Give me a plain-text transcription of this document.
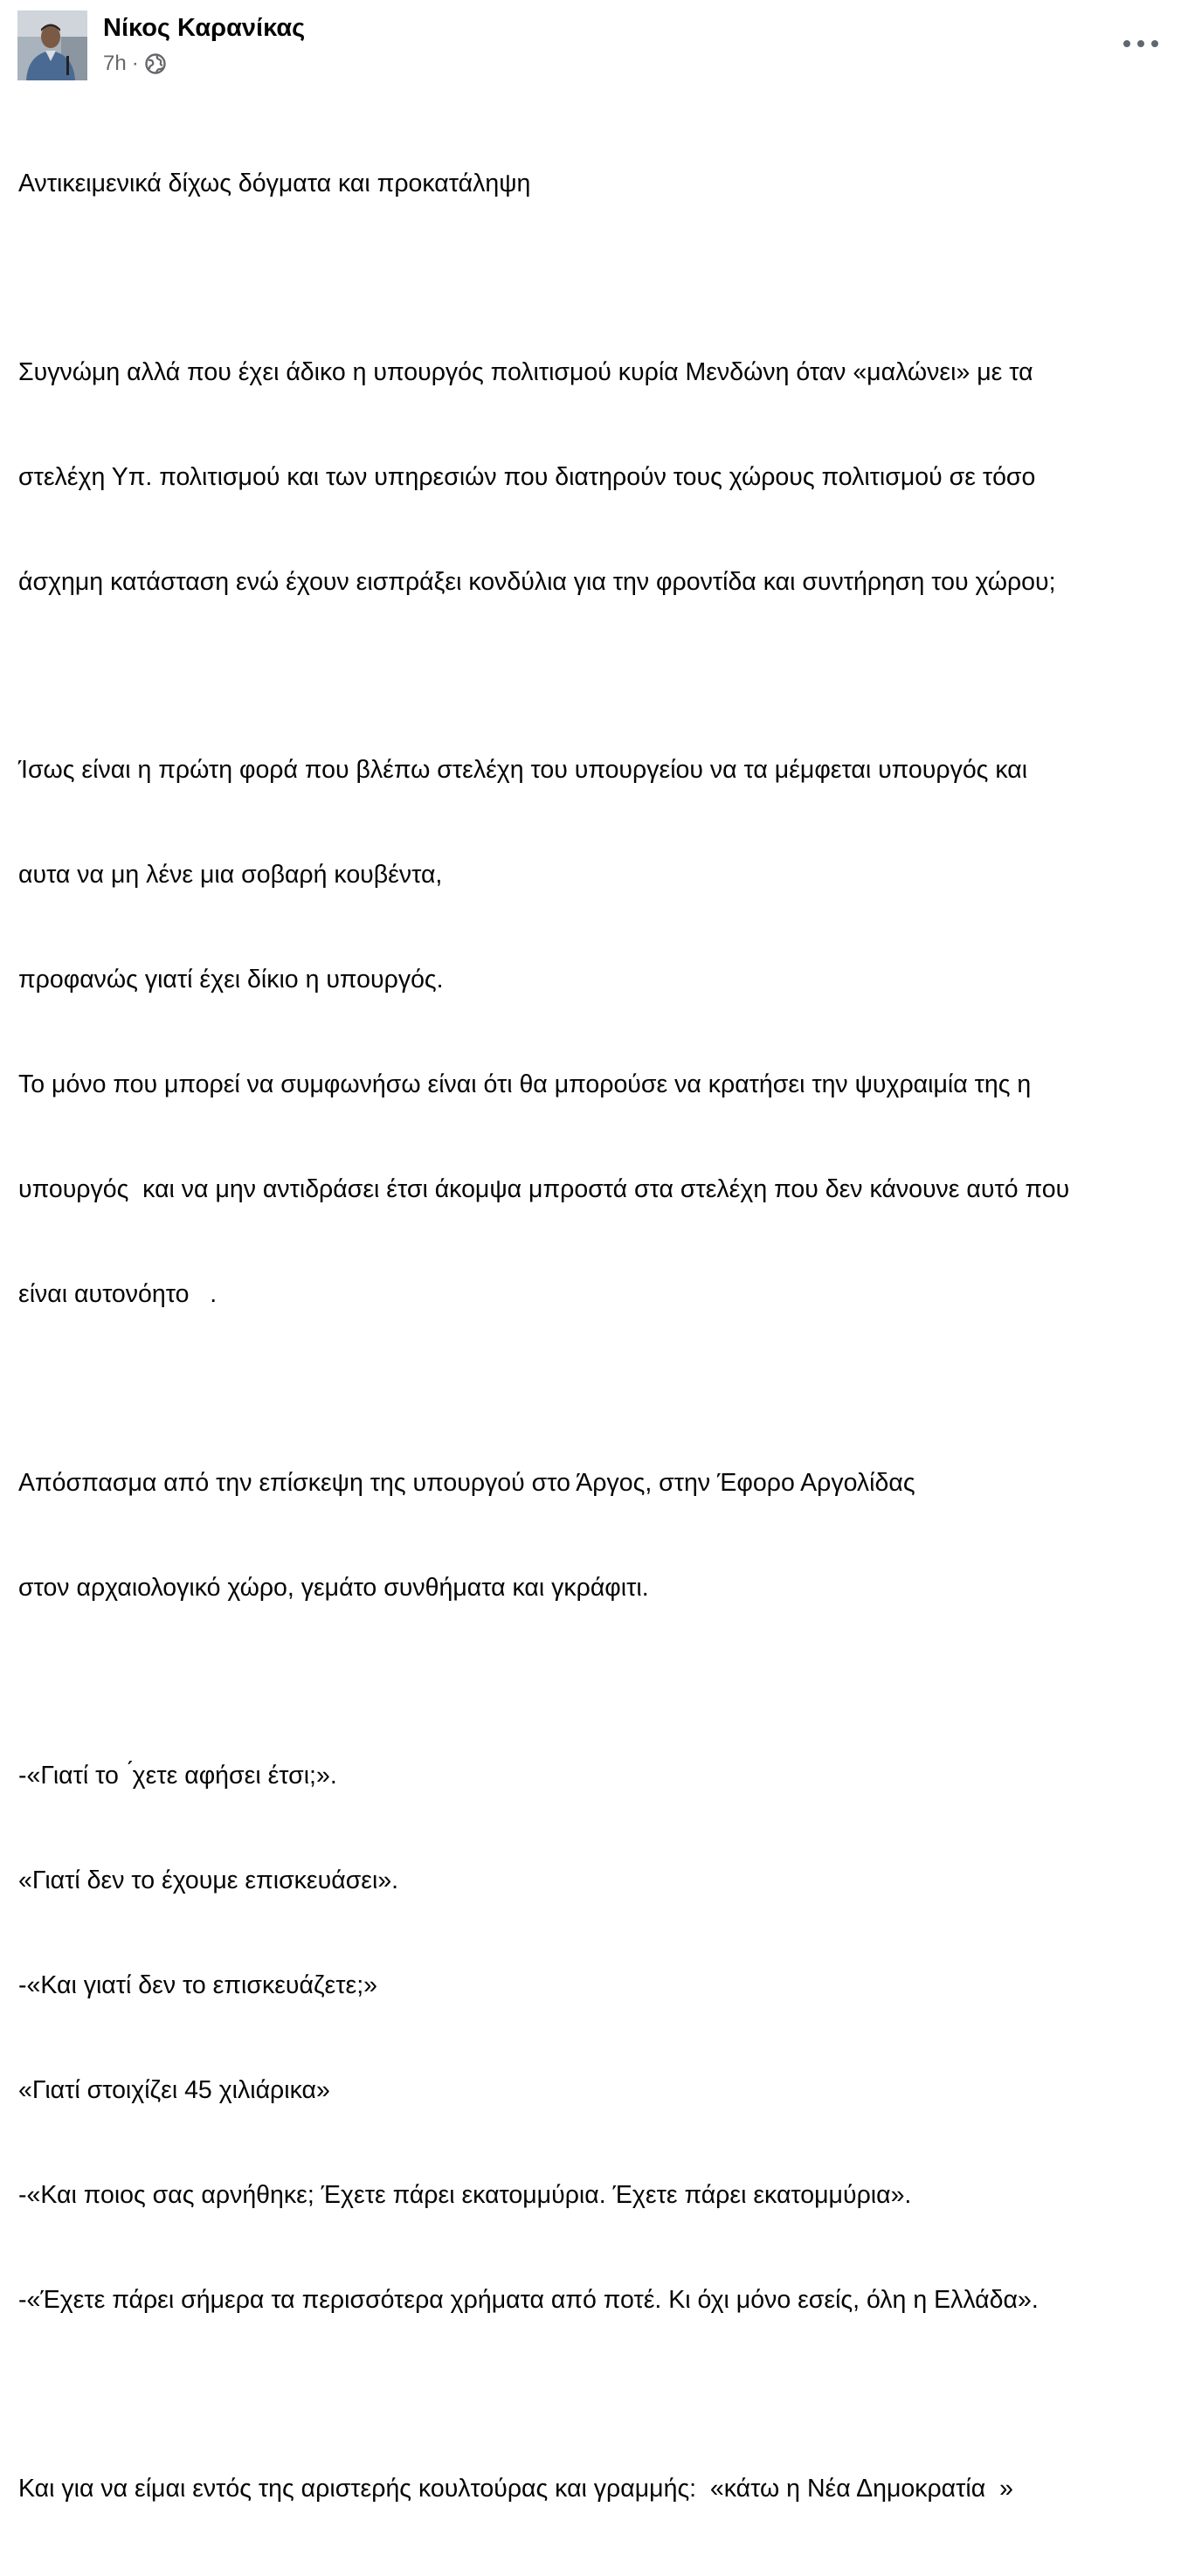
Νίκος Καρανίκας
7h ·

Αντικειμενικά δίχως δόγματα και προκατάληψη

Συγνώμη αλλά που έχει άδικο η υπουργός πολιτισμού κυρία Μενδώνη όταν «μαλώνει» με τα

στελέχη Υπ. πολιτισμού και των υπηρεσιών που διατηρούν τους χώρους πολιτισμού σε τόσο

άσχημη κατάσταση ενώ έχουν εισπράξει κονδύλια για την φροντίδα και συντήρηση του χώρου;

Ίσως είναι η πρώτη φορά που βλέπω στελέχη του υπουργείου να τα μέμφεται υπουργός και

αυτα να μη λένε μια σοβαρή κουβέντα,

προφανώς γιατί έχει δίκιο η υπουργός.

Το μόνο που μπορεί να συμφωνήσω είναι ότι θα μπορούσε να κρατήσει την ψυχραιμία της η

υπουργός  και να μην αντιδράσει έτσι άκομψα μπροστά στα στελέχη που δεν κάνουνε αυτό που

είναι αυτονόητο   .

Απόσπασμα από την επίσκεψη της υπουργού στο Άργος, στην Έφορο Αργολίδας

στον αρχαιολογικό χώρο, γεμάτο συνθήματα και γκράφιτι.

-«Γιατί το  ́χετε αφήσει έτσι;».

«Γιατί δεν το έχουμε επισκευάσει».

-«Και γιατί δεν το επισκευάζετε;»

«Γιατί στοιχίζει 45 χιλιάρικα»

-«Και ποιος σας αρνήθηκε; Έχετε πάρει εκατομμύρια. Έχετε πάρει εκατομμύρια».

-«Έχετε πάρει σήμερα τα περισσότερα χρήματα από ποτέ. Κι όχι μόνο εσείς, όλη η Ελλάδα».

Και για να είμαι εντός της αριστερής κουλτούρας και γραμμής:  «κάτω η Νέα Δημοκρατία  »
